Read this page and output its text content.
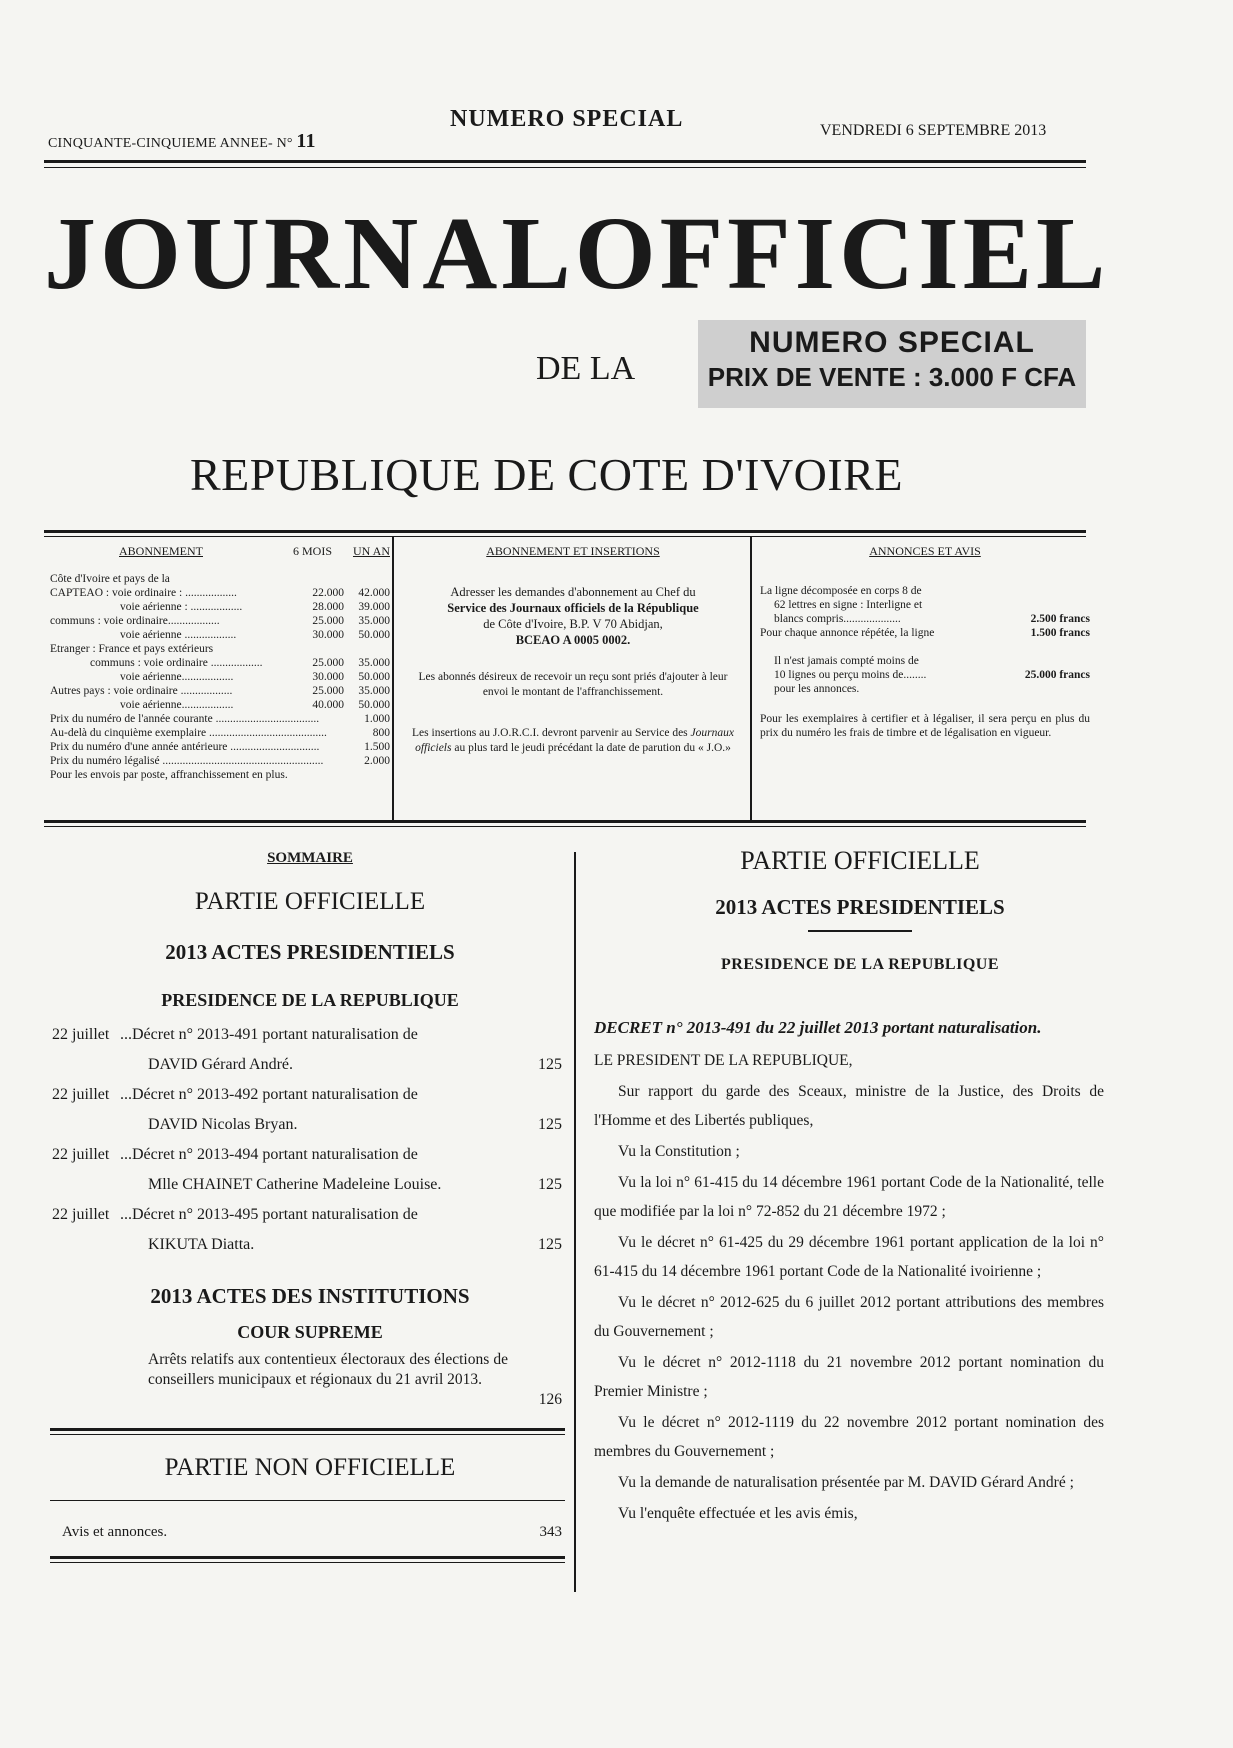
CINQUANTE-CINQUIEME ANNEE- N° 11
NUMERO SPECIAL	VENDREDI 6 SEPTEMBRE 2013
JOURNAL OFFICIEL
DE LA
NUMERO SPECIAL
PRIX DE VENTE : 3.000 F CFA
REPUBLIQUE DE COTE D'IVOIRE
ABONNEMENT	6 MOIS	UN AN
Côte d'Ivoire et pays de la
CAPTEAO : voie ordinaire : ..................	22.000	42.000
voie aérienne : ..................	28.000	39.000
communs : voie ordinaire..................	25.000	35.000
voie aérienne ..................	30.000	50.000
Etranger : France et pays extérieurs
communs : voie ordinaire ..................	25.000	35.000
voie aérienne..................	30.000	50.000
Autres pays : voie ordinaire ..................	25.000	35.000
voie aérienne..................	40.000	50.000
Prix du numéro de l'année courante ....................................	1.000
Au-delà du cinquième exemplaire .........................................	800
Prix du numéro d'une année antérieure ...............................	1.500
Prix du numéro légalisé ........................................................	2.000
Pour les envois par poste, affranchissement en plus.
ABONNEMENT ET INSERTIONS
Adresser les demandes d'abonnement au Chef du
Service des Journaux officiels de la République
de Côte d'Ivoire, B.P. V 70 Abidjan,
BCEAO A 0005 0002.
Les abonnés désireux de recevoir un reçu sont priés d'ajouter à leur envoi le montant de l'affranchissement.
Les insertions au J.O.R.C.I. devront parvenir au Service des Journaux officiels au plus tard le jeudi précédant la date de parution du « J.O.»
ANNONCES ET AVIS
La ligne décomposée en corps 8 de
62 lettres en signe : Interligne et
blancs compris....................	2.500 francs
Pour chaque annonce répétée, la ligne	1.500 francs
Il n'est jamais compté moins de
10 lignes ou perçu moins de........	25.000 francs
pour les annonces.
Pour les exemplaires à certifier et à légaliser, il sera perçu en plus du prix du numéro les frais de timbre et de légalisation en vigueur.
SOMMAIRE
PARTIE OFFICIELLE
2013 ACTES PRESIDENTIELS
PRESIDENCE DE LA REPUBLIQUE
22 juillet ...Décret n° 2013-491 portant naturalisation de
DAVID Gérard André.	125
22 juillet ...Décret n° 2013-492 portant naturalisation de
DAVID Nicolas Bryan.	125
22 juillet ...Décret n° 2013-494 portant naturalisation de
Mlle CHAINET Catherine Madeleine Louise.	125
22 juillet ...Décret n° 2013-495 portant naturalisation de
KIKUTA Diatta.	125
2013 ACTES DES INSTITUTIONS
COUR SUPREME
Arrêts relatifs aux contentieux électoraux des élections de conseillers municipaux et régionaux du 21 avril 2013.
126
PARTIE NON OFFICIELLE
Avis et annonces.	343
PARTIE OFFICIELLE
2013 ACTES PRESIDENTIELS
PRESIDENCE DE LA REPUBLIQUE
DECRET n° 2013-491 du 22 juillet 2013 portant naturalisation.

LE PRESIDENT DE LA REPUBLIQUE,

Sur rapport du garde des Sceaux, ministre de la Justice, des Droits de l'Homme et des Libertés publiques,

Vu la Constitution ;

Vu la loi n° 61-415 du 14 décembre 1961 portant Code de la Nationalité, telle que modifiée par la loi n° 72-852 du 21 décembre 1972 ;

Vu le décret n° 61-425 du 29 décembre 1961 portant application de la loi n° 61-415 du 14 décembre 1961 portant Code de la Nationalité ivoirienne ;

Vu le décret n° 2012-625 du 6 juillet 2012 portant attributions des membres du Gouvernement ;

Vu le décret n° 2012-1118 du 21 novembre 2012 portant nomination du Premier Ministre ;

Vu le décret n° 2012-1119 du 22 novembre 2012 portant nomination des membres du Gouvernement ;

Vu la demande de naturalisation présentée par M. DAVID Gérard André ;

Vu l'enquête effectuée et les avis émis,
